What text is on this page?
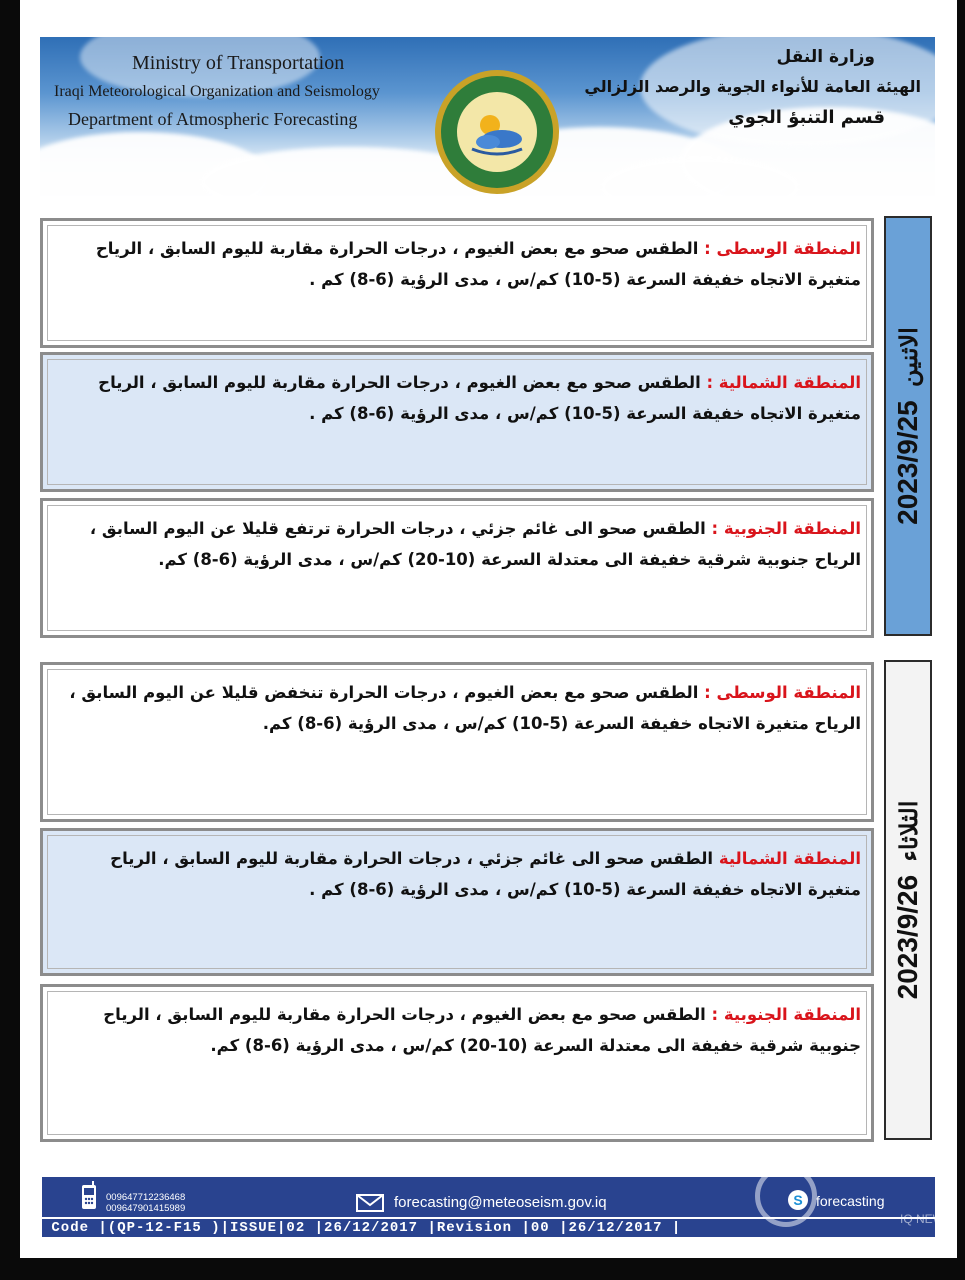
Ministry of Transportation
Iraqi Meteorological Organization and Seismology
Department of Atmospheric Forecasting
وزارة النقل
الهيئة العامة للأنواء الجوية والرصد الزلزالي
قسم التنبؤ الجوي
المنطقة الوسطى : الطقس صحو مع بعض الغيوم ، درجات الحرارة مقاربة لليوم السابق ، الرياح متغيرة الاتجاه خفيفة السرعة (5-10) كم/س ، مدى الرؤية (6-8) كم .
المنطقة الشمالية : الطقس صحو مع بعض الغيوم ، درجات الحرارة مقاربة لليوم السابق ، الرياح متغيرة الاتجاه خفيفة السرعة (5-10) كم/س ، مدى الرؤية (6-8) كم .
المنطقة الجنوبية : الطقس صحو الى غائم جزئي ، درجات الحرارة ترتفع قليلا عن اليوم السابق ، الرياح جنوبية شرقية خفيفة الى معتدلة السرعة (10-20) كم/س ، مدى الرؤية (6-8) كم.
2023/9/25   الاثنين
المنطقة الوسطى : الطقس صحو مع بعض الغيوم ، درجات الحرارة تنخفض قليلا عن اليوم السابق ، الرياح متغيرة الاتجاه خفيفة السرعة (5-10) كم/س ، مدى الرؤية (6-8) كم.
المنطقة الشمالية الطقس صحو الى غائم جزئي ، درجات الحرارة مقاربة لليوم السابق ، الرياح متغيرة الاتجاه خفيفة السرعة (5-10) كم/س ، مدى الرؤية (6-8) كم .
المنطقة الجنوبية : الطقس صحو مع بعض الغيوم ، درجات الحرارة مقاربة لليوم السابق ، الرياح جنوبية شرقية خفيفة الى معتدلة السرعة (10-20) كم/س ، مدى الرؤية (6-8) كم.
2023/9/26   الثلاثاء
00964771223646​8
009647901415989	forecasting@meteoseism.gov.iq	S forecasting
Code |(QP-12-F15 )|ISSUE|02 |26/12/2017 |Revision |00 |26/12/2017 |
IQ NEWS
